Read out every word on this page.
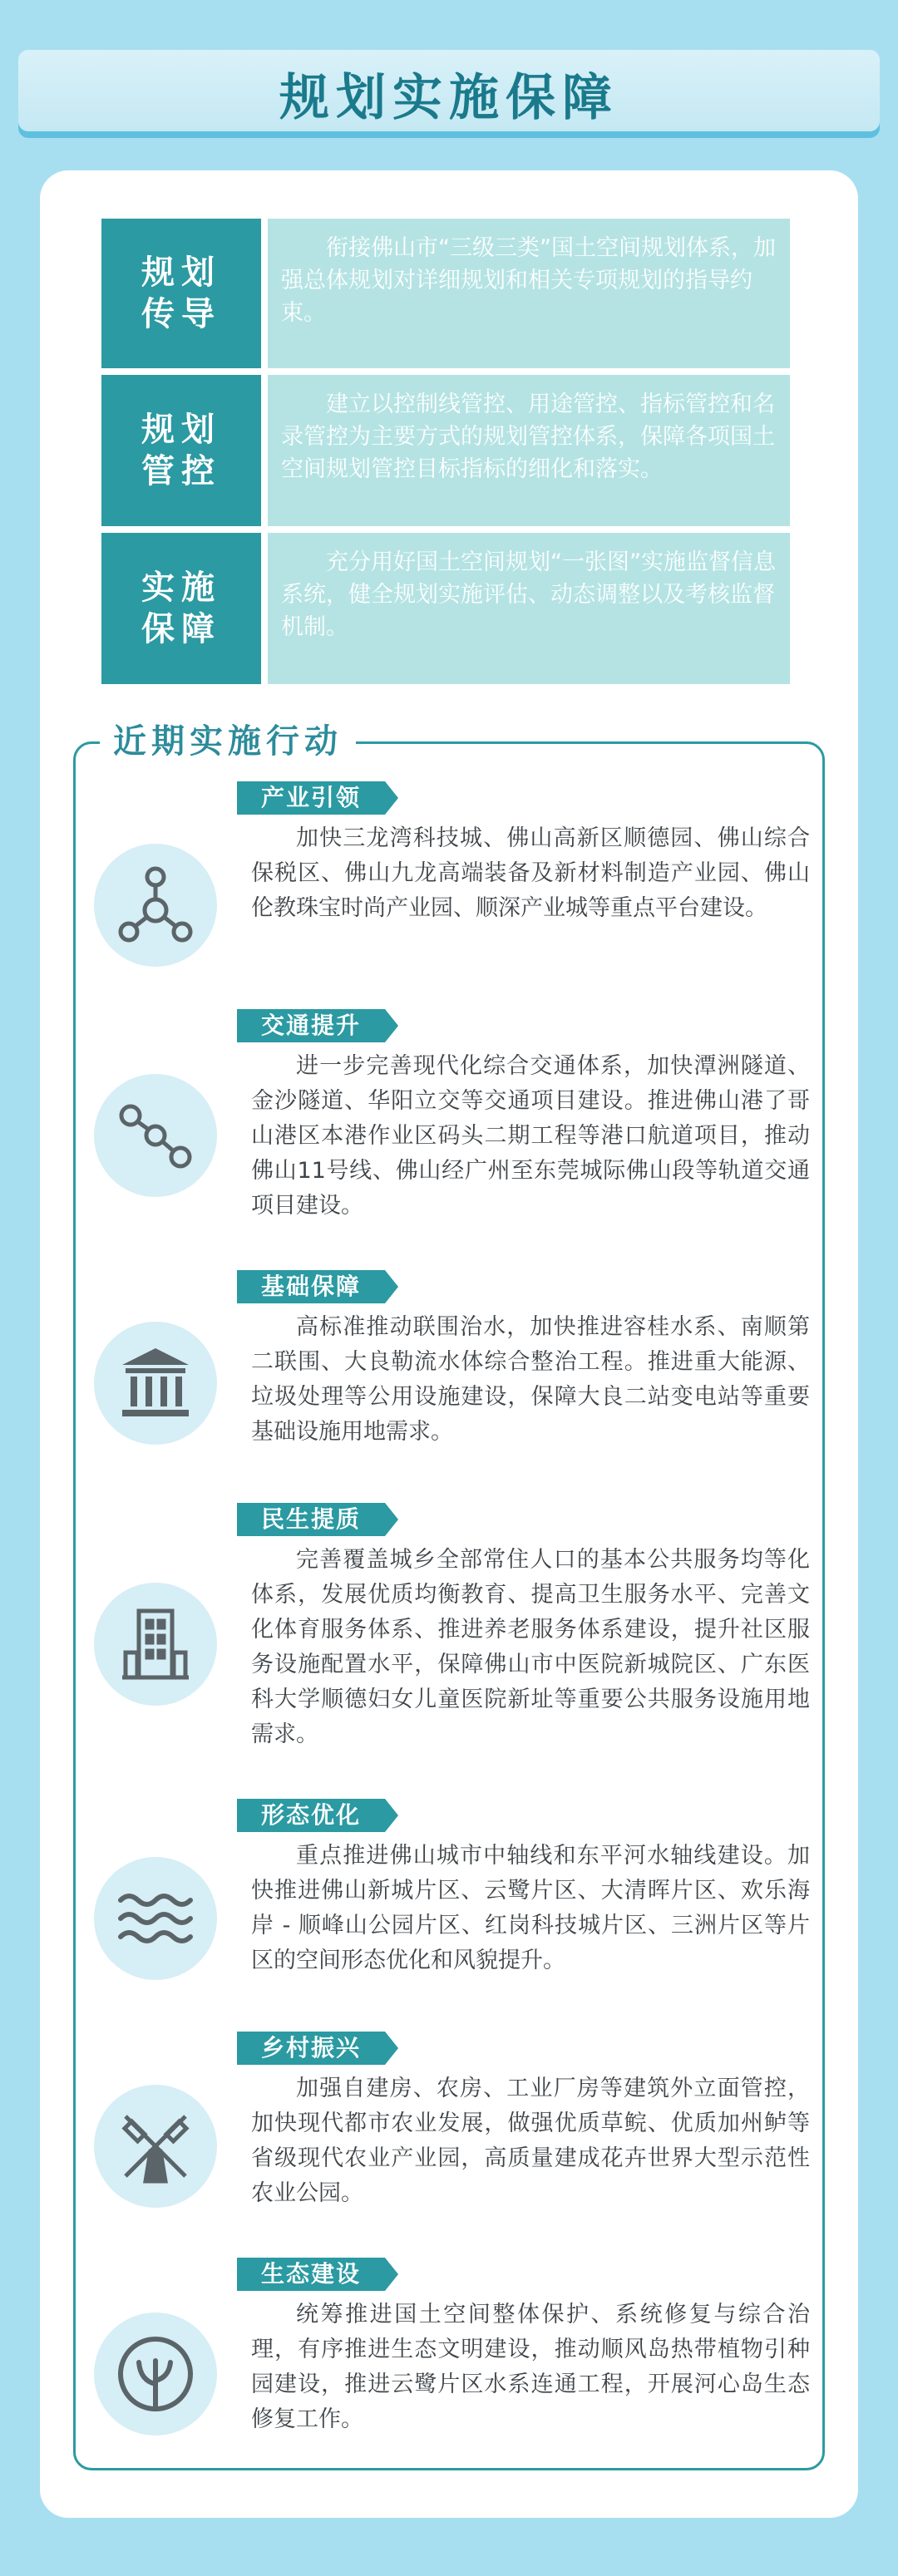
规划实施保障
规划
传导
衔接佛山市“三级三类”国土空间规划体系，加强总体规划对详细规划和相关专项规划的指导约束。
规划
管控
建立以控制线管控、用途管控、指标管控和名录管控为主要方式的规划管控体系，保障各项国土空间规划管控目标指标的细化和落实。
实施
保障
充分用好国土空间规划“一张图”实施监督信息系统，健全规划实施评估、动态调整以及考核监督机制。
近期实施行动
产业引领
加快三龙湾科技城、佛山高新区顺德园、佛山综合保税区、佛山九龙高端装备及新材料制造产业园、佛山伦教珠宝时尚产业园、顺深产业城等重点平台建设。
交通提升
进一步完善现代化综合交通体系，加快潭洲隧道、金沙隧道、华阳立交等交通项目建设。推进佛山港了哥山港区本港作业区码头二期工程等港口航道项目，推动佛山11号线、佛山经广州至东莞城际佛山段等轨道交通项目建设。
基础保障
高标准推动联围治水，加快推进容桂水系、南顺第二联围、大良勒流水体综合整治工程。推进重大能源、垃圾处理等公用设施建设，保障大良二站变电站等重要基础设施用地需求。
民生提质
完善覆盖城乡全部常住人口的基本公共服务均等化体系，发展优质均衡教育、提高卫生服务水平、完善文化体育服务体系、推进养老服务体系建设，提升社区服务设施配置水平，保障佛山市中医院新城院区、广东医科大学顺德妇女儿童医院新址等重要公共服务设施用地需求。
形态优化
重点推进佛山城市中轴线和东平河水轴线建设。加快推进佛山新城片区、云鹭片区、大清晖片区、欢乐海岸 - 顺峰山公园片区、红岗科技城片区、三洲片区等片区的空间形态优化和风貌提升。
乡村振兴
加强自建房、农房、工业厂房等建筑外立面管控，加快现代都市农业发展，做强优质草鲩、优质加州鲈等省级现代农业产业园，高质量建成花卉世界大型示范性农业公园。
生态建设
统筹推进国土空间整体保护、系统修复与综合治理，有序推进生态文明建设，推动顺风岛热带植物引种园建设，推进云鹭片区水系连通工程，开展河心岛生态修复工作。
